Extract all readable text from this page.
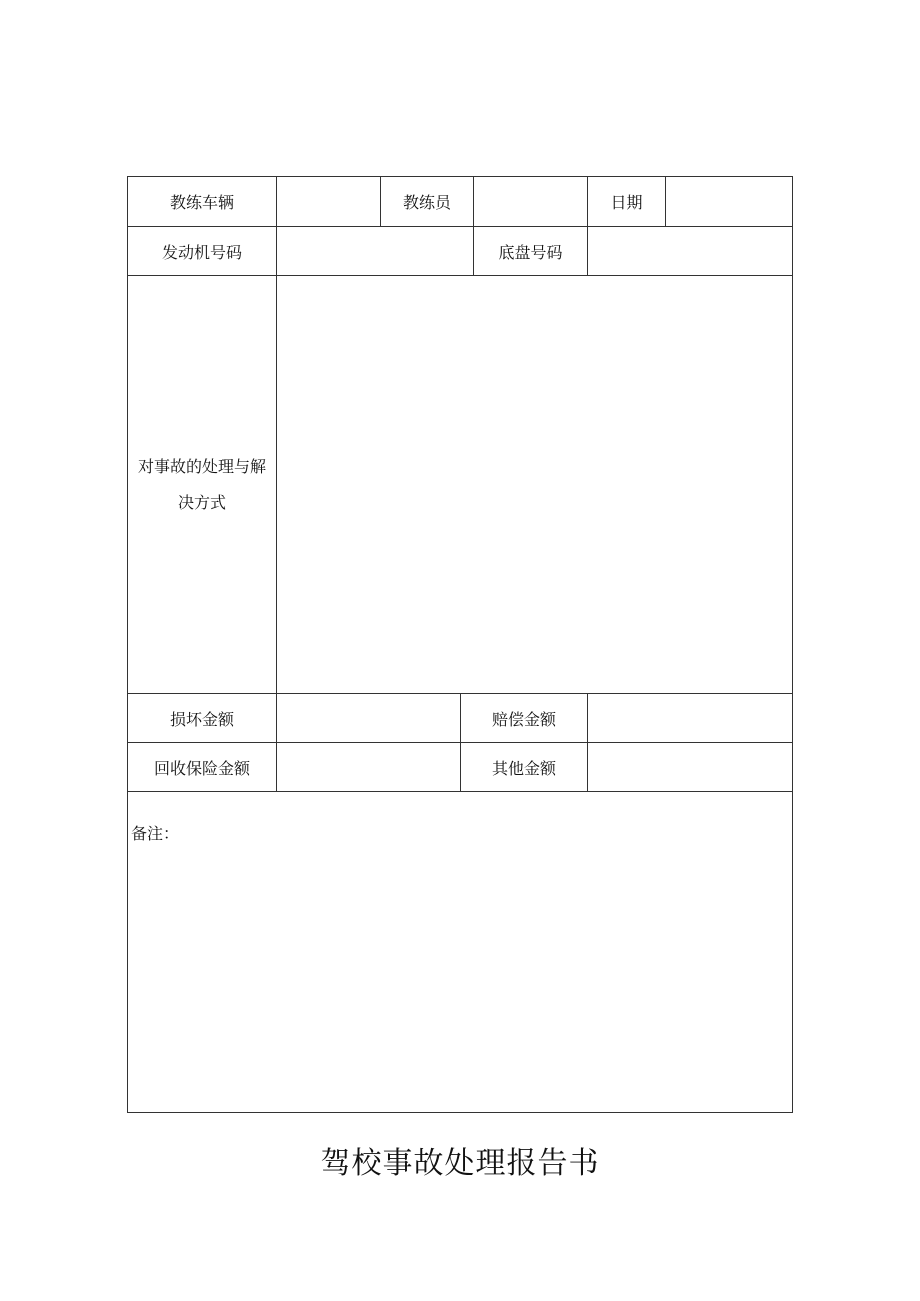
教练车辆	教练员	日期
发动机号码	底盘号码
对事故的处理与解
决方式
损坏金额	赔偿金额
回收保险金额	其他金额
备注：
驾校事故处理报告书
